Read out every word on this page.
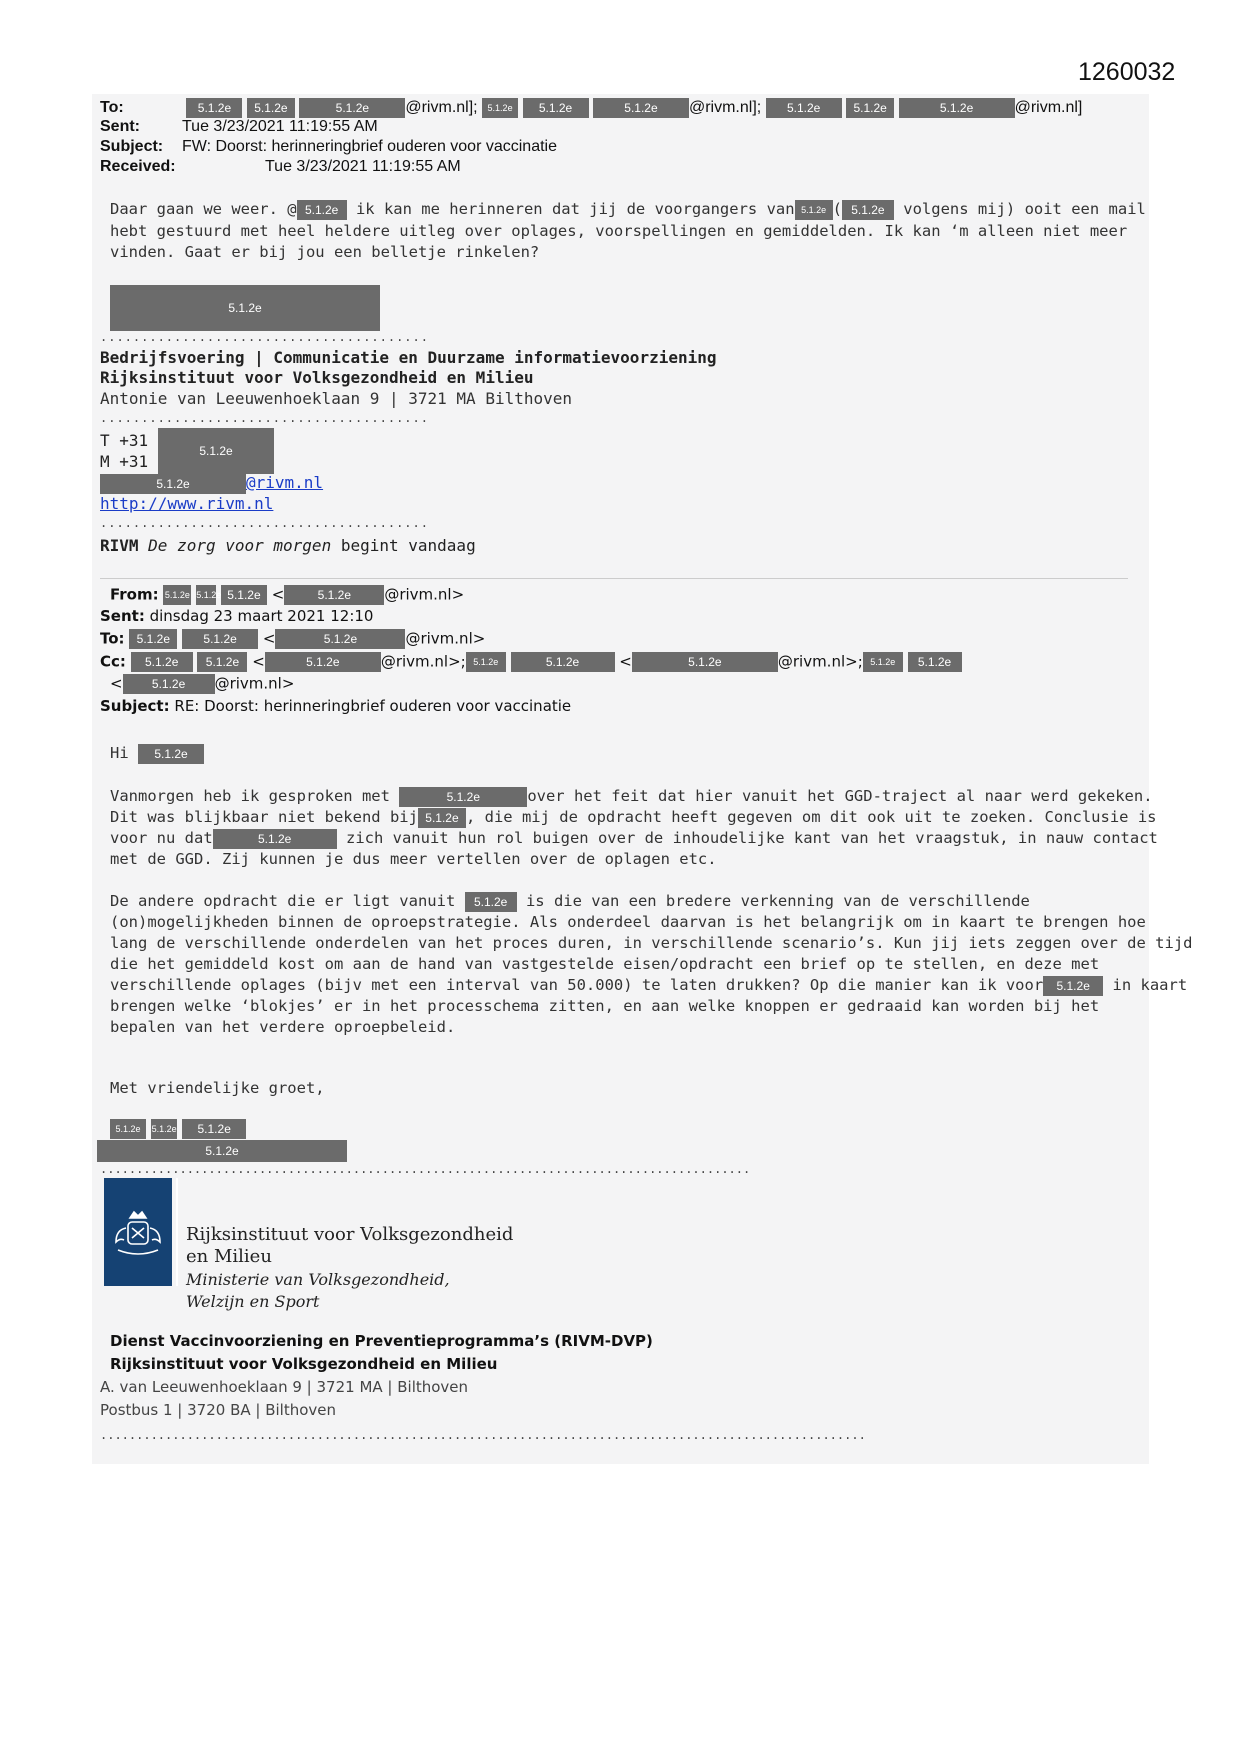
1260032
To:	5.1.2e 5.1.2e	5.1.2e @rivm.nl]; 5.1.2e 5.1.2e	5.1.2e @rivm.nl]; 5.1.2e	5.1.2e	5.1.2e	@rivm.nl]
Sent:	Tue 3/23/2021 11:19:55 AM
Subject: FW: Doorst: herinneringbrief ouderen voor vaccinatie
Received:	Tue 3/23/2021 11:19:55 AM
Daar gaan we weer. @ 5.1.2e ik kan me herinneren dat jij de voorgangers van 5.1.2e ( 5.1.2e volgens mij) ooit een mail
hebt gestuurd met heel heldere uitleg over oplages, voorspellingen en gemiddelden. Ik kan ‘m alleen niet meer
vinden. Gaat er bij jou een belletje rinkelen?
5.1.2e
........................................
Bedrijfsvoering | Communicatie en Duurzame informatievoorziening
Rijksinstituut voor Volksgezondheid en Milieu
Antonie van Leeuwenhoeklaan 9 | 3721 MA Bilthoven
........................................
T +31
M +31
5.1.2e
5.1.2e	@rivm.nl
http://www.rivm.nl
........................................
RIVM De zorg voor morgen begint vandaag
From: 5.1.2e 5.1.2e 5.1.2e <	5.1.2e @rivm.nl>
Sent: dinsdag 23 maart 2021 12:10
To: 5.1.2e	5.1.2e <	5.1.2e	@rivm.nl>
Cc: 5.1.2e 5.1.2e <	5.1.2e	@rivm.nl>; 5.1.2e	5.1.2e	<	5.1.2e	@rivm.nl>; 5.1.2e 5.1.2e
< 5.1.2e @rivm.nl>
Subject: RE: Doorst: herinneringbrief ouderen voor vaccinatie
Hi 5.1.2e
Vanmorgen heb ik gesproken met	5.1.2e	over het feit dat hier vanuit het GGD-traject al naar werd gekeken.
Dit was blijkbaar niet bekend bij 5.1.2e , die mij de opdracht heeft gegeven om dit ook uit te zoeken. Conclusie is
voor nu dat	5.1.2e	zich vanuit hun rol buigen over de inhoudelijke kant van het vraagstuk, in nauw contact
met de GGD. Zij kunnen je dus meer vertellen over de oplagen etc.
De andere opdracht die er ligt vanuit 5.1.2e is die van een bredere verkenning van de verschillende
(on)mogelijkheden binnen de oproepstrategie. Als onderdeel daarvan is het belangrijk om in kaart te brengen hoe
lang de verschillende onderdelen van het proces duren, in verschillende scenario’s. Kun jij iets zeggen over de tijd
die het gemiddeld kost om aan de hand van vastgestelde eisen/opdracht een brief op te stellen, en deze met
verschillende oplages (bijv met een interval van 50.000) te laten drukken? Op die manier kan ik voor 5.1.2e in kaart
brengen welke ‘blokjes’ er in het processchema zitten, en aan welke knoppen er gedraaid kan worden bij het
bepalen van het verdere oproepbeleid.
Met vriendelijke groet,
5.1.2e 5.1.2e 5.1.2e
5.1.2e
..........................................................................................
Rijksinstituut voor Volksgezondheid
en Milieu
Ministerie van Volksgezondheid,
Welzijn en Sport
Dienst Vaccinvoorziening en Preventieprogramma’s (RIVM-DVP)
Rijksinstituut voor Volksgezondheid en Milieu
A. van Leeuwenhoeklaan 9 | 3721 MA | Bilthoven
Postbus 1 | 3720 BA | Bilthoven
..........................................................................................................
